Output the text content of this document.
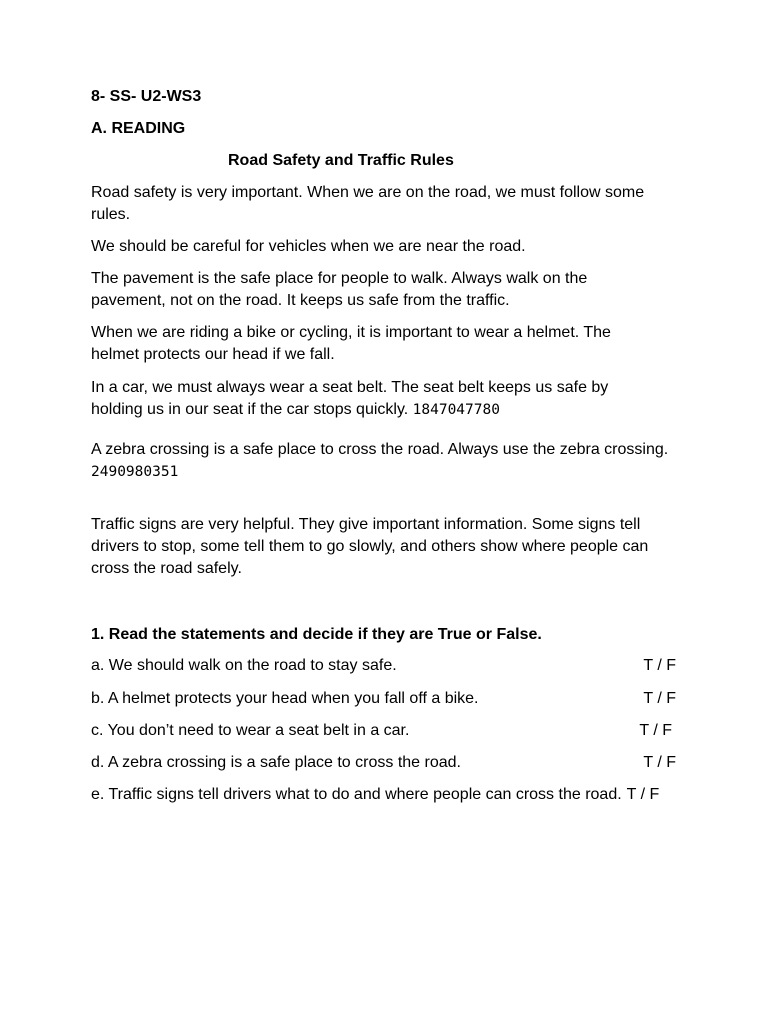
8- SS- U2-WS3

A. READING

Road Safety and Traffic Rules

Road safety is very important. When we are on the road, we must follow some

rules.

We should be careful for vehicles when we are near the road.

The pavement is the safe place for people to walk. Always walk on the

pavement, not on the road. It keeps us safe from the traffic.

When we are riding a bike or cycling, it is important to wear a helmet. The

helmet protects our head if we fall.

In a car, we must always wear a seat belt. The seat belt keeps us safe by

holding us in our seat if the car stops quickly. 1847047780

A zebra crossing is a safe place to cross the road. Always use the zebra crossing.

2490980351

Traffic signs are very helpful. They give important information. Some signs tell

drivers to stop, some tell them to go slowly, and others show where people can

cross the road safely.

1. Read the statements and decide if they are True or False.

a. We should walk on the road to stay safe.	T / F
b. A helmet protects your head when you fall off a bike.	T / F
c. You don’t need to wear a seat belt in a car.	T / F
d. A zebra crossing is a safe place to cross the road.	T / F
e. Traffic signs tell drivers what to do and where people can cross the road. T / F
